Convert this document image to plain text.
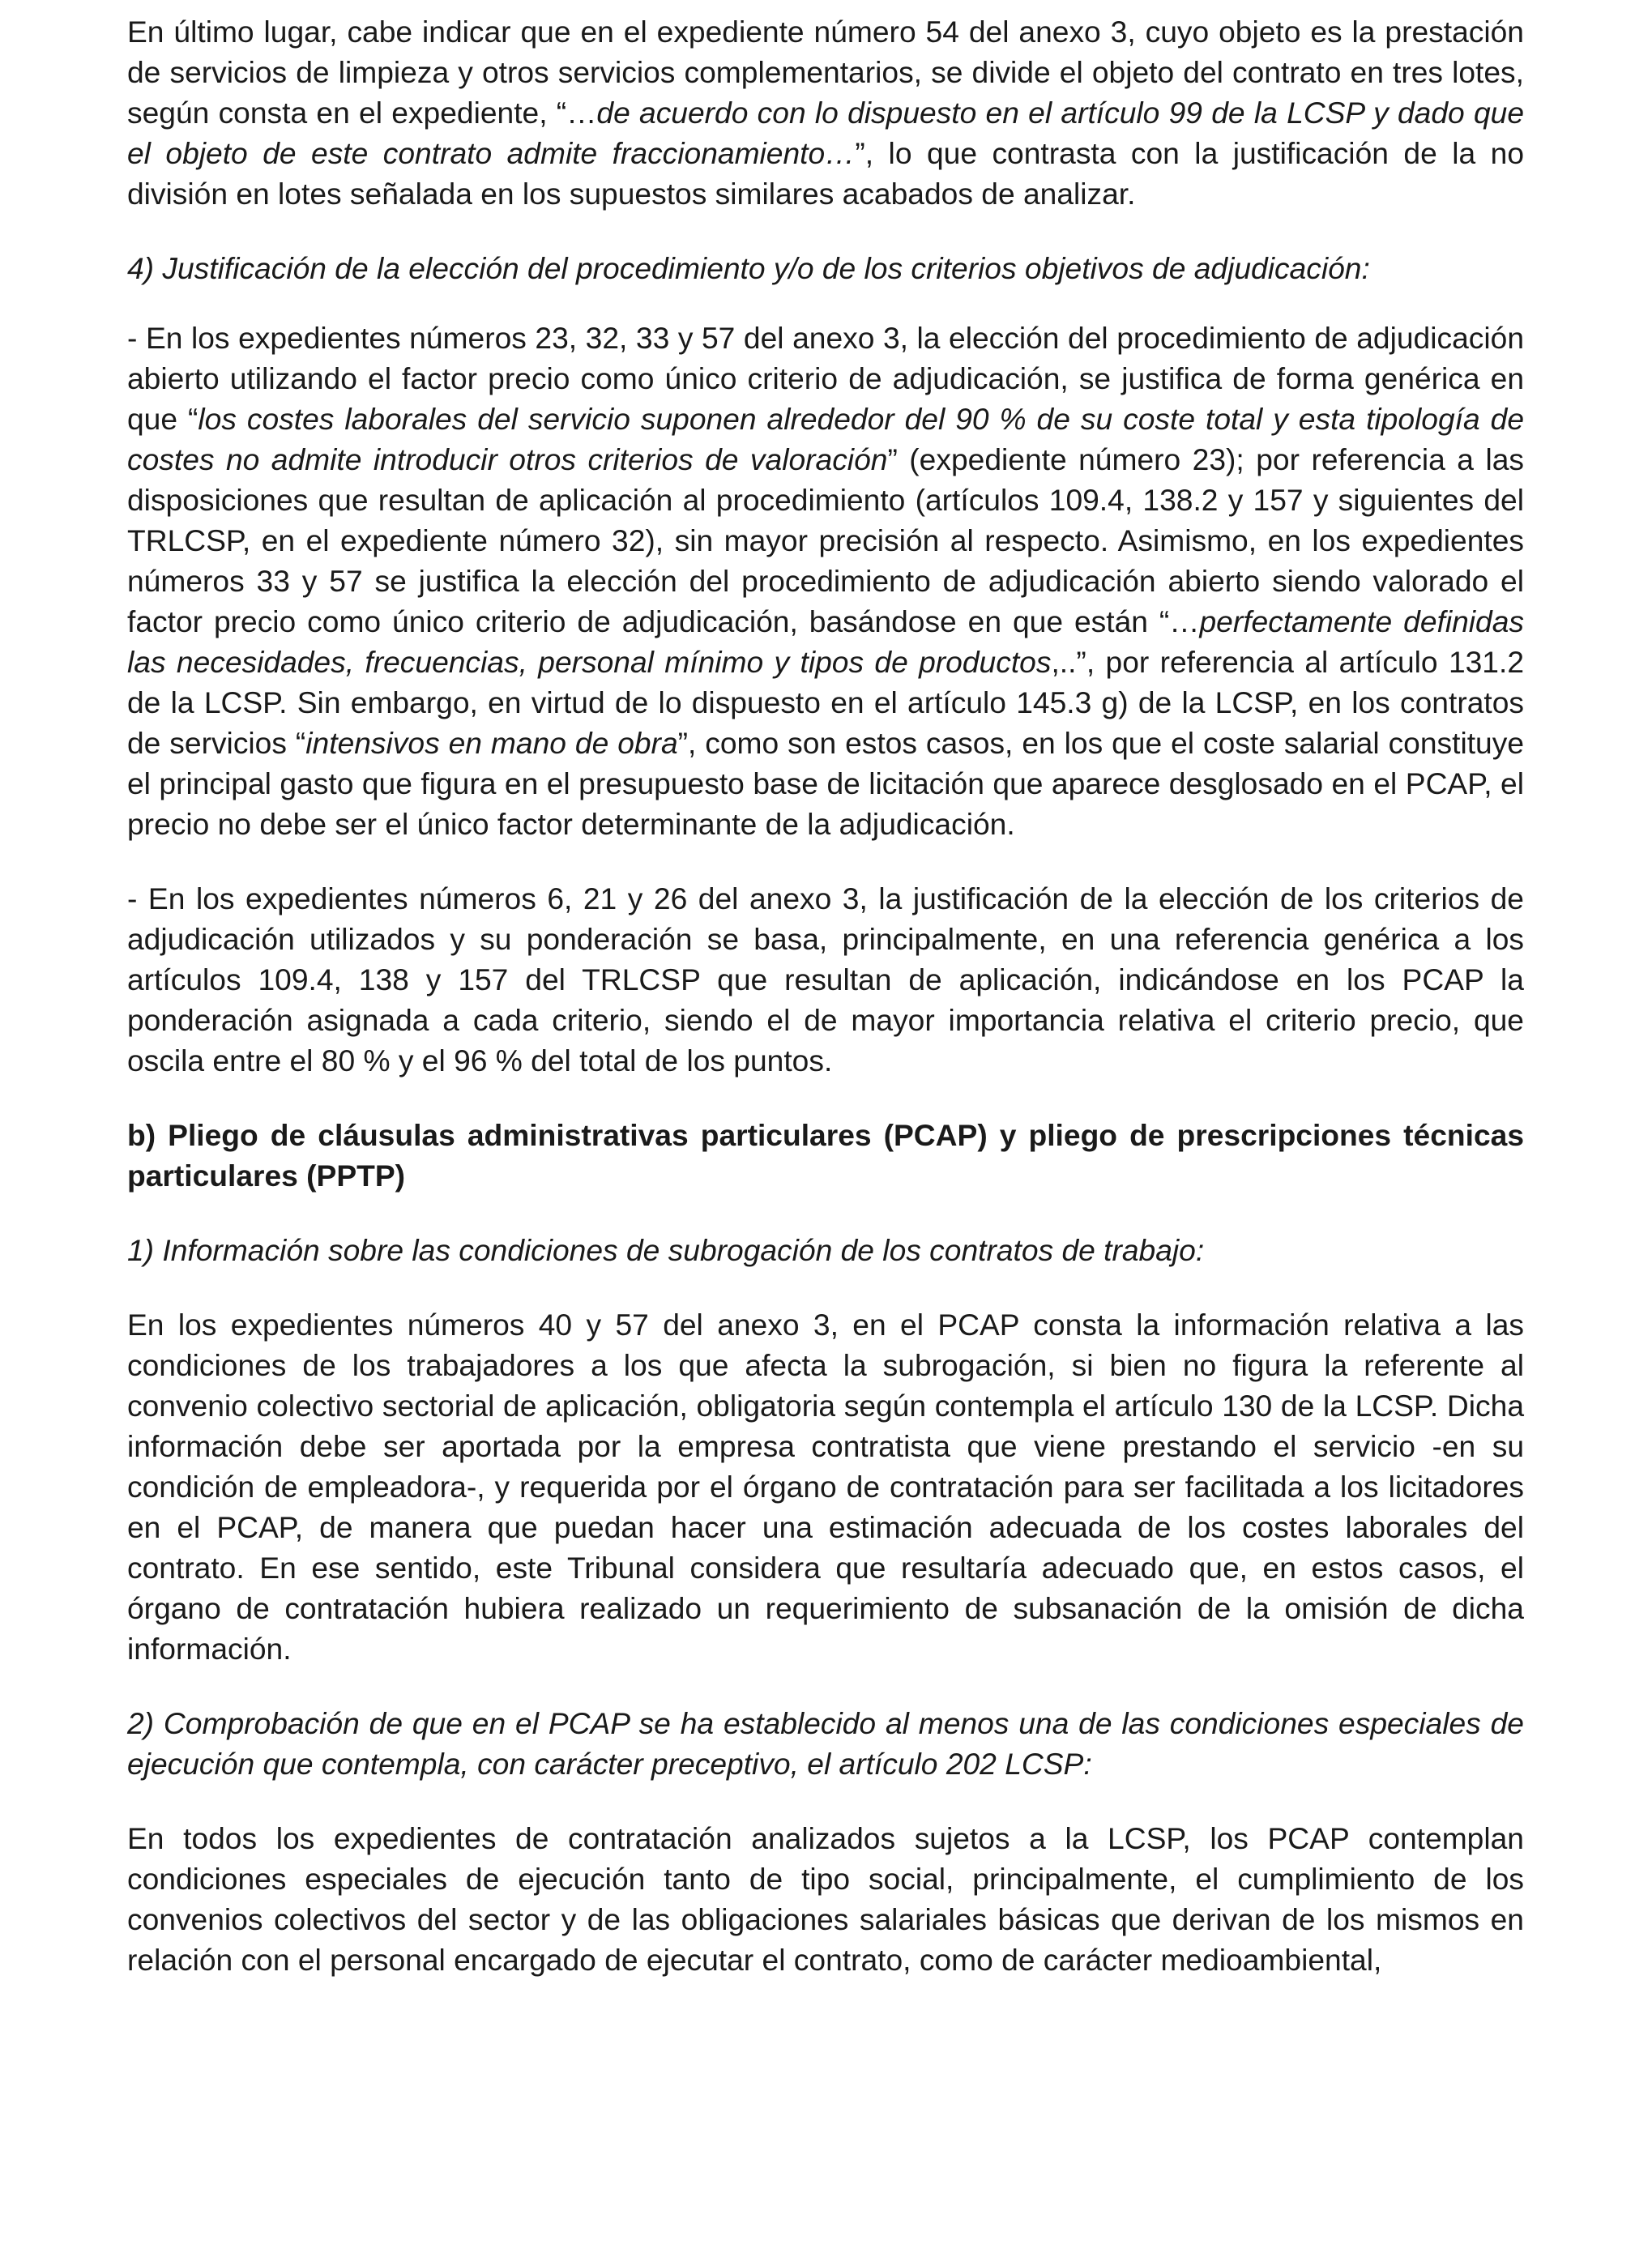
En último lugar, cabe indicar que en el expediente número 54 del anexo 3, cuyo objeto es la prestación de servicios de limpieza y otros servicios complementarios, se divide el objeto del contrato en tres lotes, según consta en el expediente, “…de acuerdo con lo dispuesto en el artículo 99 de la LCSP y dado que el objeto de este contrato admite fraccionamiento…”, lo que contrasta con la justificación de la no división en lotes señalada en los supuestos similares acabados de analizar.

4) Justificación de la elección del procedimiento y/o de los criterios objetivos de adjudicación:

- En los expedientes números 23, 32, 33 y 57 del anexo 3, la elección del procedimiento de adjudicación abierto utilizando el factor precio como único criterio de adjudicación, se justifica de forma genérica en que “los costes laborales del servicio suponen alrededor del 90 % de su coste total y esta tipología de costes no admite introducir otros criterios de valoración” (expediente número 23); por referencia a las disposiciones que resultan de aplicación al procedimiento (artículos 109.4, 138.2 y 157 y siguientes del TRLCSP, en el expediente número 32), sin mayor precisión al respecto. Asimismo, en los expedientes números 33 y 57 se justifica la elección del procedimiento de adjudicación abierto siendo valorado el factor precio como único criterio de adjudicación, basándose en que están “…perfectamente definidas las necesidades, frecuencias, personal mínimo y tipos de productos,..”, por referencia al artículo 131.2 de la LCSP. Sin embargo, en virtud de lo dispuesto en el artículo 145.3 g) de la LCSP, en los contratos de servicios “intensivos en mano de obra”, como son estos casos, en los que el coste salarial constituye el principal gasto que figura en el presupuesto base de licitación que aparece desglosado en el PCAP, el precio no debe ser el único factor determinante de la adjudicación.

- En los expedientes números 6, 21 y 26 del anexo 3, la justificación de la elección de los criterios de adjudicación utilizados y su ponderación se basa, principalmente, en una referencia genérica a los artículos 109.4, 138 y 157 del TRLCSP que resultan de aplicación, indicándose en los PCAP la ponderación asignada a cada criterio, siendo el de mayor importancia relativa el criterio precio, que oscila entre el 80 % y el 96 % del total de los puntos.

b) Pliego de cláusulas administrativas particulares (PCAP) y pliego de prescripciones técnicas particulares (PPTP)

1) Información sobre las condiciones de subrogación de los contratos de trabajo:

En los expedientes números 40 y 57 del anexo 3, en el PCAP consta la información relativa a las condiciones de los trabajadores a los que afecta la subrogación, si bien no figura la referente al convenio colectivo sectorial de aplicación, obligatoria según contempla el artículo 130 de la LCSP. Dicha información debe ser aportada por la empresa contratista que viene prestando el servicio -en su condición de empleadora-, y requerida por el órgano de contratación para ser facilitada a los licitadores en el PCAP, de manera que puedan hacer una estimación adecuada de los costes laborales del contrato. En ese sentido, este Tribunal considera que resultaría adecuado que, en estos casos, el órgano de contratación hubiera realizado un requerimiento de subsanación de la omisión de dicha información.

2) Comprobación de que en el PCAP se ha establecido al menos una de las condiciones especiales de ejecución que contempla, con carácter preceptivo, el artículo 202 LCSP:

En todos los expedientes de contratación analizados sujetos a la LCSP, los PCAP contemplan condiciones especiales de ejecución tanto de tipo social, principalmente, el cumplimiento de los convenios colectivos del sector y de las obligaciones salariales básicas que derivan de los mismos en relación con el personal encargado de ejecutar el contrato, como de carácter medioambiental,
